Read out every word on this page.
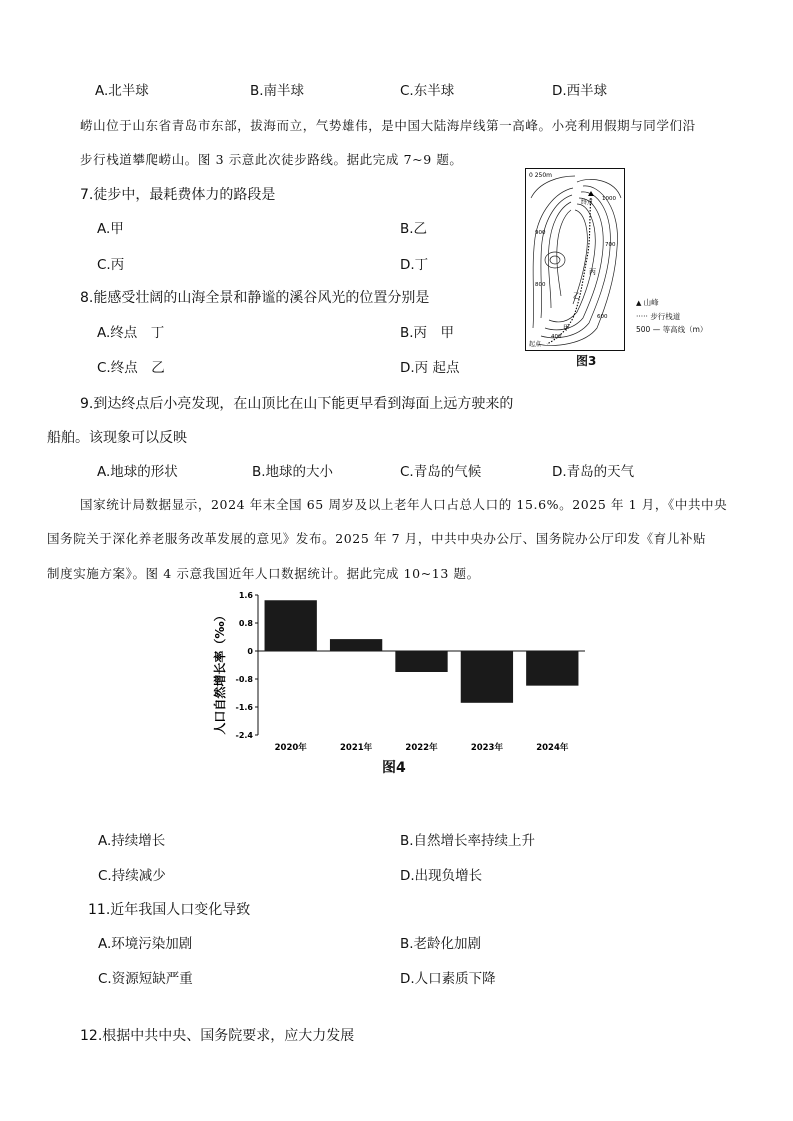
A.北半球	B.南半球	C.东半球	D.西半球
崂山位于山东省青岛市东部，拔海而立，气势雄伟，是中国大陆海岸线第一高峰。小亮利用假期与同学们沿
步行栈道攀爬崂山。图 3 示意此次徒步路线。据此完成 7~9 题。
7.徒步中，最耗费体力的路段是
A.甲	B.乙
C.丙	D.丁
8.能感受壮阔的山海全景和静谧的溪谷风光的位置分别是
A.终点　丁	B.丙　甲
C.终点　乙	D.丙 起点
9.到达终点后小亮发现，在山顶比在山下能更早看到海面上远方驶来的
船舶。该现象可以反映
A.地球的形状	B.地球的大小	C.青岛的气候	D.青岛的天气
0 250m
1000
900
700
800
600
400
终点
丙
乙
甲
起点
▲ 山峰
····· 步行栈道
500 — 等高线（m）
图3
国家统计局数据显示，2024 年末全国 65 周岁及以上老年人口占总人口的 15.6%。2025 年 1 月，《中共中央
国务院关于深化养老服务改革发展的意见》发布。2025 年 7 月，中共中央办公厅、国务院办公厅印发《育儿补贴
制度实施方案》。图 4 示意我国近年人口数据统计。据此完成 10~13 题。
1.6
0.8
0
-0.8
-1.6
-2.4
2020年	2021年	2022年	2023年	2024年
人口自然增长率（‰）
图4
A.持续增长	B.自然增长率持续上升
C.持续减少	D.出现负增长
11.近年我国人口变化导致
A.环境污染加剧	B.老龄化加剧
C.资源短缺严重	D.人口素质下降
12.根据中共中央、国务院要求，应大力发展
